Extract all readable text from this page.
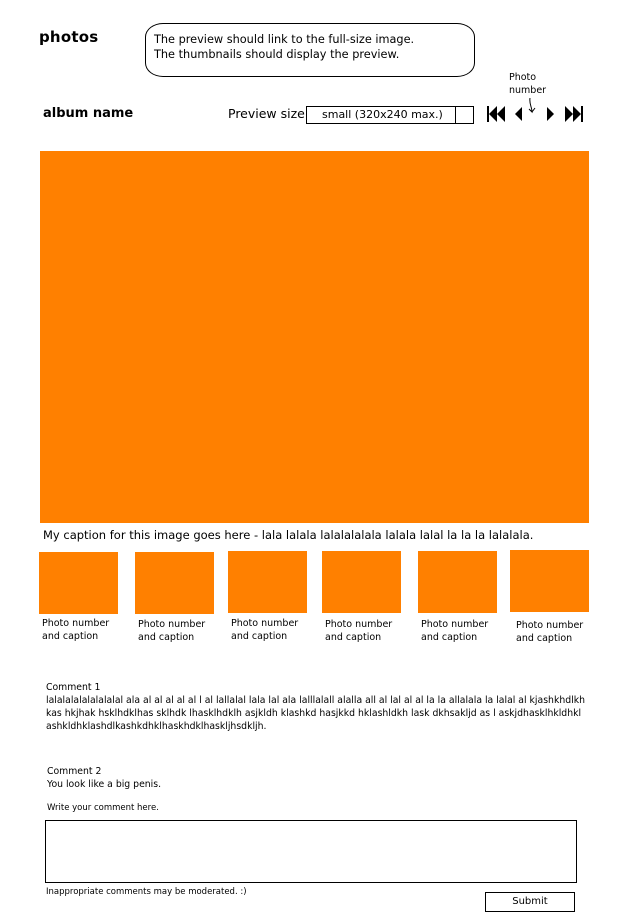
photos	The preview should link to the full-size image.
The thumbnails should display the preview.
Photo
number
album name	Preview size small (320x240 max.)
My caption for this image goes here - lala lalala lalalalalala lalala lalal la la la lalalala.
Photo number
and caption
Photo number
and caption
Photo number
and caption
Photo number
and caption
Photo number
and caption
Photo number
and caption
Comment 1
lalalalalalalalalal ala al al al al al l al lallalal lala lal ala lalllalall alalla all al lal al al la la allalala la lalal al kjashkhdlkhkas hkjhak hsklhdklhas sklhdk lhasklhdklh asjkldh klashkd hasjkkd hklashldkh lask dkhsakljd as l askjdhasklhkldhklashkldhklashdlkashkdhklhaskhdklhaskljhsdkljh.
Comment 2
You look like a big penis.
Write your comment here.
Inappropriate comments may be moderated. :)
Submit
